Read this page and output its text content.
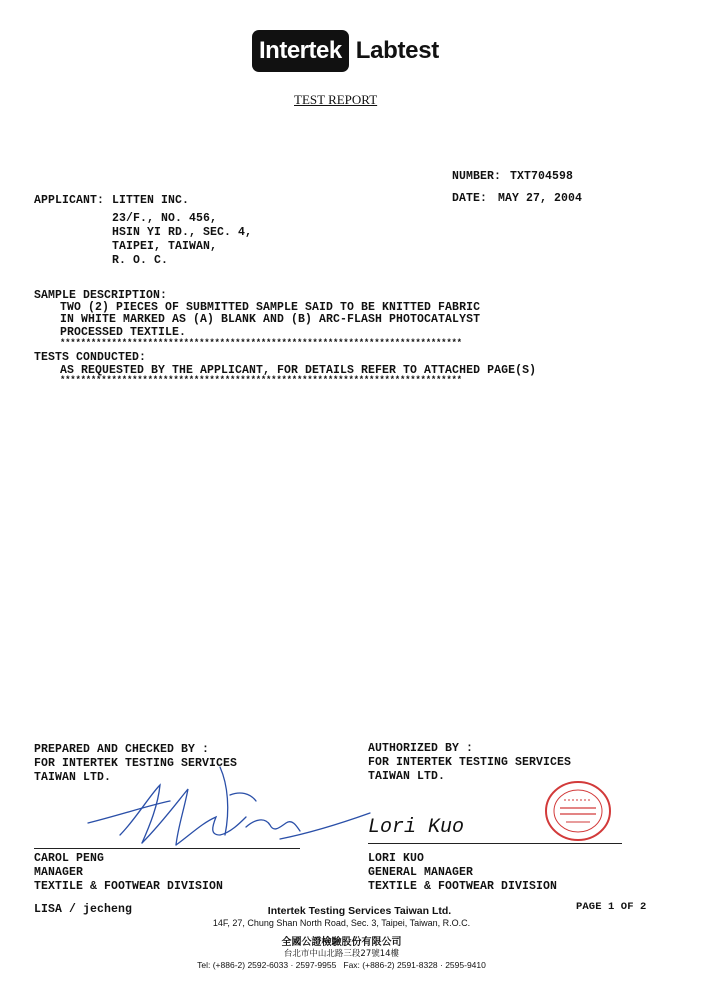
Intertek Labtest
TEST REPORT
NUMBER: TXT704598
DATE: MAY 27, 2004
APPLICANT: LITTEN INC.
23/F., NO. 456,
HSIN YI RD., SEC. 4,
TAIPEI, TAIWAN,
R. O. C.
SAMPLE DESCRIPTION:
TWO (2) PIECES OF SUBMITTED SAMPLE SAID TO BE KNITTED FABRIC
IN WHITE MARKED AS (A) BLANK AND (B) ARC-FLASH PHOTOCATALYST
PROCESSED TEXTILE.
******************************************************************************
TESTS CONDUCTED:
AS REQUESTED BY THE APPLICANT, FOR DETAILS REFER TO ATTACHED PAGE(S)
******************************************************************************
PREPARED AND CHECKED BY :
FOR INTERTEK TESTING SERVICES
TAIWAN LTD.
CAROL PENG
MANAGER
TEXTILE & FOOTWEAR DIVISION
AUTHORIZED BY :
FOR INTERTEK TESTING SERVICES
TAIWAN LTD.
Lori Kuo
LORI KUO
GENERAL MANAGER
TEXTILE & FOOTWEAR DIVISION
LISA / jecheng	PAGE 1 OF 2
Intertek Testing Services Taiwan Ltd.
14F, 27, Chung Shan North Road, Sec. 3, Taipei, Taiwan, R.O.C.
全國公證檢驗股份有限公司
台北市中山北路三段27號14樓
Tel: (+886-2) 2592-6033 · 2597-9955   Fax: (+886-2) 2591-8328 · 2595-9410
